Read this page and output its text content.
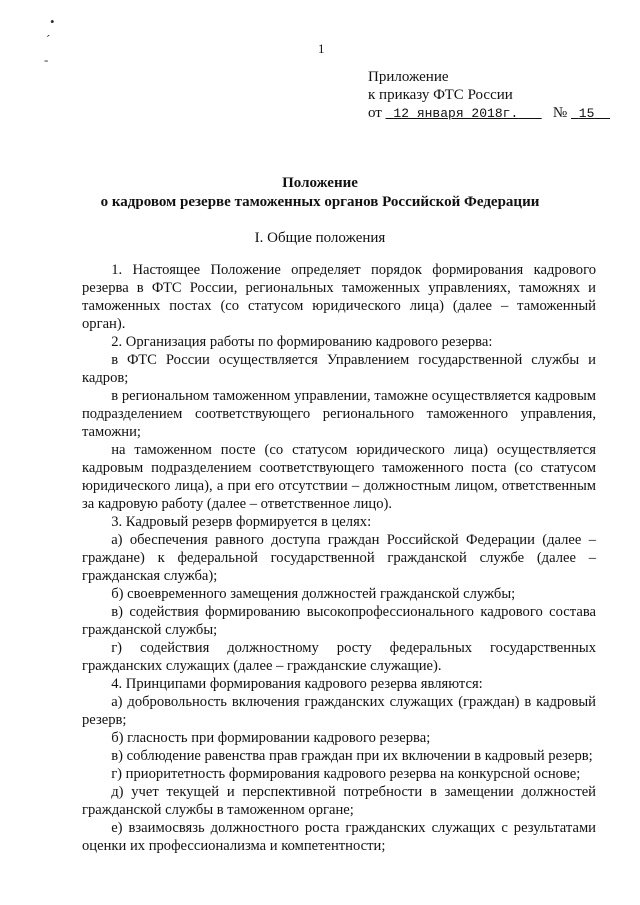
1
•
ˊ
-
Приложение
к приказу ФТС России
от 12 января 2018г. № 15
Положение
о кадровом резерве таможенных органов Российской Федерации
I. Общие положения

1. Настоящее Положение определяет порядок формирования кадрового резерва в ФТС России, региональных таможенных управлениях, таможнях и таможенных постах (со статусом юридического лица) (далее – таможенный орган).

2. Организация работы по формированию кадрового резерва:

в ФТС России осуществляется Управлением государственной службы и кадров;

в региональном таможенном управлении, таможне осуществляется кадровым подразделением соответствующего регионального таможенного управления, таможни;

на таможенном посте (со статусом юридического лица) осуществляется кадровым подразделением соответствующего таможенного поста (со статусом юридического лица), а при его отсутствии – должностным лицом, ответственным за кадровую работу (далее – ответственное лицо).

3. Кадровый резерв формируется в целях:

а) обеспечения равного доступа граждан Российской Федерации (далее – граждане) к федеральной государственной гражданской службе (далее – гражданская служба);

б) своевременного замещения должностей гражданской службы;

в) содействия формированию высокопрофессионального кадрового состава гражданской службы;

г) содействия должностному росту федеральных государственных гражданских служащих (далее – гражданские служащие).

4. Принципами формирования кадрового резерва являются:

а) добровольность включения гражданских служащих (граждан) в кадровый резерв;

б) гласность при формировании кадрового резерва;

в) соблюдение равенства прав граждан при их включении в кадровый резерв;

г) приоритетность формирования кадрового резерва на конкурсной основе;

д) учет текущей и перспективной потребности в замещении должностей гражданской службы в таможенном органе;

е) взаимосвязь должностного роста гражданских служащих с результатами оценки их профессионализма и компетентности;
